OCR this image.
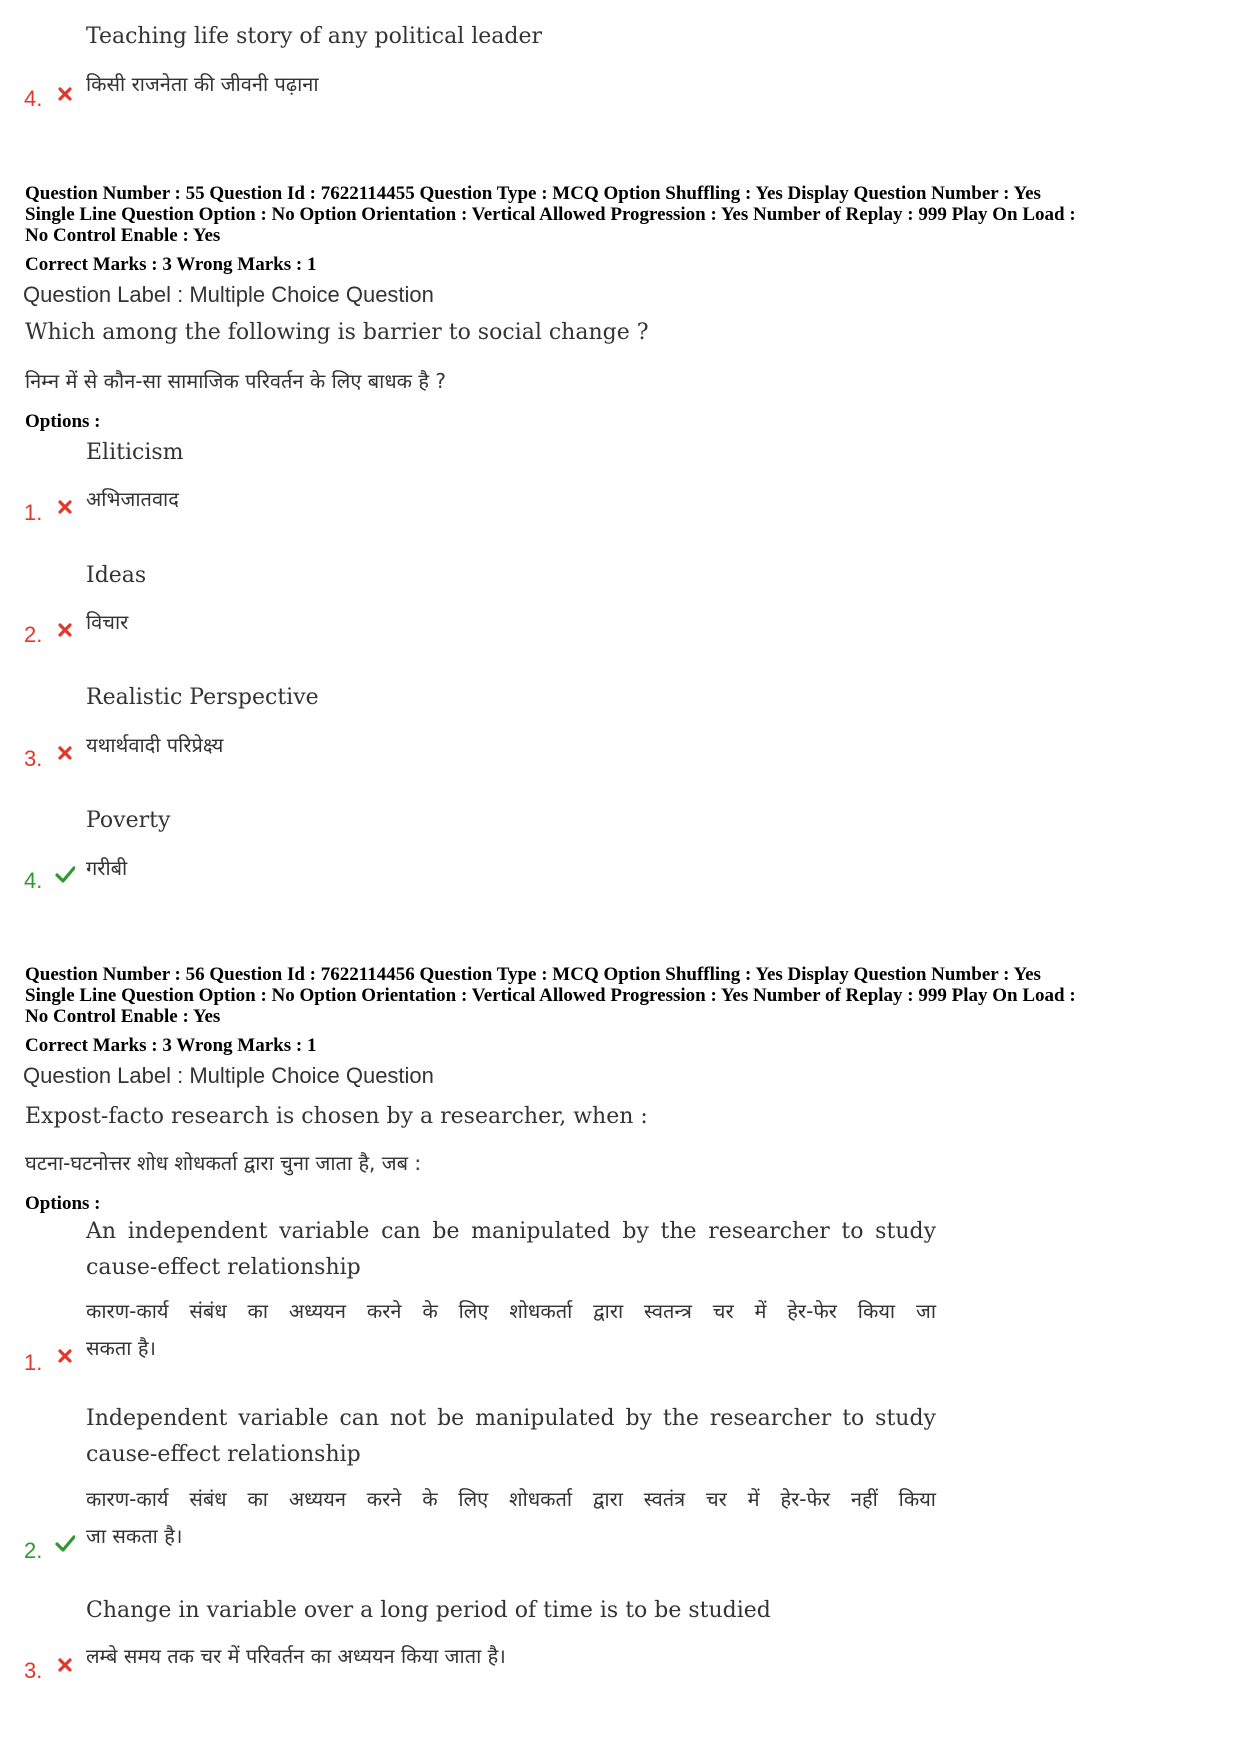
Teaching life story of any political leader
किसी राजनेता की जीवनी पढ़ाना
4.
Question Number : 55 Question Id : 7622114455 Question Type : MCQ Option Shuffling : Yes Display Question Number : Yes
Single Line Question Option : No Option Orientation : Vertical Allowed Progression : Yes Number of Replay : 999 Play On Load :
No Control Enable : Yes
Correct Marks : 3 Wrong Marks : 1
Question Label : Multiple Choice Question
Which among the following is barrier to social change ?
निम्न में से कौन-सा सामाजिक परिवर्तन के लिए बाधक है ?
Options :
Eliticism
अभिजातवाद
1.
Ideas
विचार
2.
Realistic Perspective
यथार्थवादी परिप्रेक्ष्य
3.
Poverty
गरीबी
4.
Question Number : 56 Question Id : 7622114456 Question Type : MCQ Option Shuffling : Yes Display Question Number : Yes
Single Line Question Option : No Option Orientation : Vertical Allowed Progression : Yes Number of Replay : 999 Play On Load :
No Control Enable : Yes
Correct Marks : 3 Wrong Marks : 1
Question Label : Multiple Choice Question
Expost-facto research is chosen by a researcher, when :
घटना-घटनोत्तर शोध शोधकर्ता द्वारा चुना जाता है, जब :
Options :
An independent variable can be manipulated by the researcher to study
cause-effect relationship
कारण-कार्य संबंध का अध्ययन करने के लिए शोधकर्ता द्वारा स्वतन्त्र चर में हेर-फेर किया जा
सकता है।
1.
Independent variable can not be manipulated by the researcher to study
cause-effect relationship
कारण-कार्य संबंध का अध्ययन करने के लिए शोधकर्ता द्वारा स्वतंत्र चर में हेर-फेर नहीं किया
जा सकता है।
2.
Change in variable over a long period of time is to be studied
लम्बे समय तक चर में परिवर्तन का अध्ययन किया जाता है।
3.
